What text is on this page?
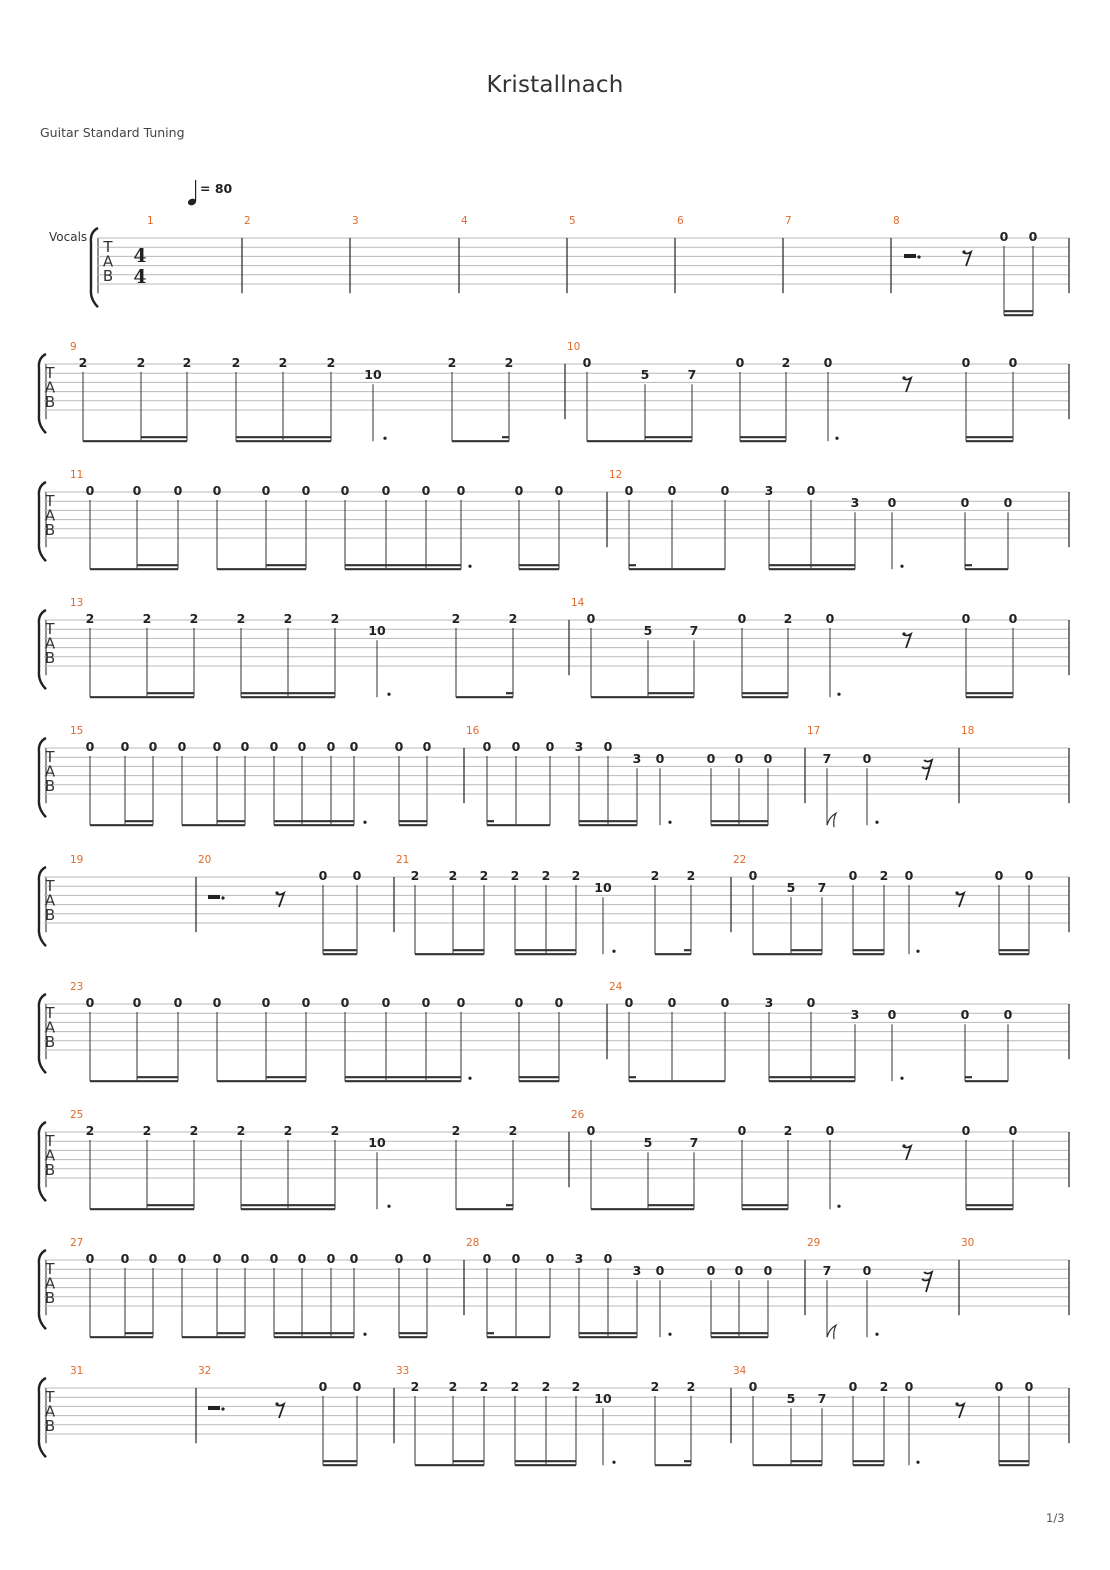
Kristallnach
Guitar Standard Tuning
= 80
Vocals
T
A
B
4
4
1	2	3	4	5	6	7	8
0 0
T
A
B
9	10
2	2	2	2	2	2
10
2	2	0
5	7
0	2	0	0	0
T
A
B
11	12
0	0	0 0	0	0 0	0	0 0	0	0	0	0	0	3	0
3 0	0	0
T
A
B
13	14
2	2	2	2	2	2
10
2	2	0
5	7
0	2	0	0	0
T
A
B
15	16	17	18
0 0 0 0 0 0 0 0 0 0	0 0	0 0 0 3 0
3 0	0 0 0	7	0
T
A
B
19	20	21	22
0 0	2 2 2 2 2 2
10
2 2	0
5 7
0 2 0	0 0
T
A
B
23	24
0	0	0 0	0	0 0	0	0 0	0	0	0	0	0	3	0
3 0	0	0
T
A
B
25	26
2	2	2	2	2	2
10
2	2	0
5	7
0	2	0	0	0
T
A
B
27	28	29	30
0 0 0 0 0 0 0 0 0 0	0 0	0 0 0 3 0
3 0	0 0 0	7	0
T
A
B
31	32	33	34
0 0	2 2 2 2 2 2
10
2 2	0
5 7
0 2 0	0 0
1/3
